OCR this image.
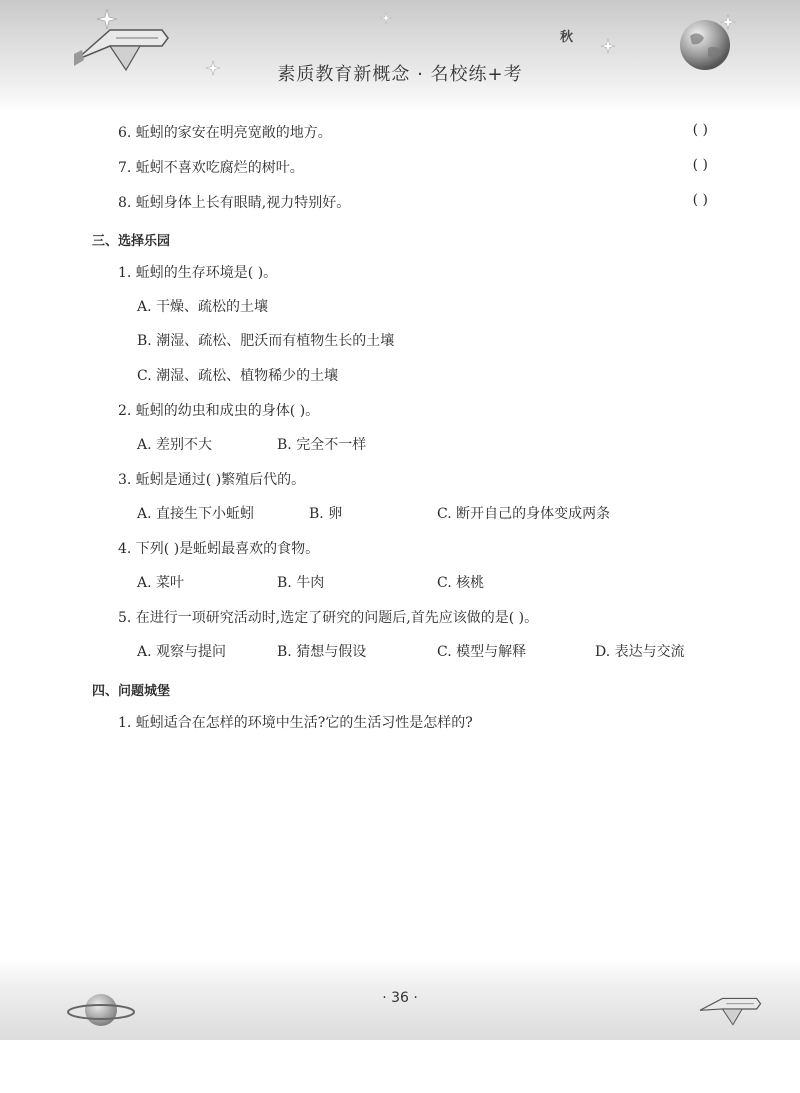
秋
素质教育新概念 · 名校练+考
6. 蚯蚓的家安在明亮宽敞的地方。	( )
7. 蚯蚓不喜欢吃腐烂的树叶。	( )
8. 蚯蚓身体上长有眼睛,视力特别好。	( )
三、选择乐园
1. 蚯蚓的生存环境是( )。
A. 干燥、疏松的土壤
B. 潮湿、疏松、肥沃而有植物生长的土壤
C. 潮湿、疏松、植物稀少的土壤
2. 蚯蚓的幼虫和成虫的身体( )。
A. 差别不大	B. 完全不一样
3. 蚯蚓是通过( )繁殖后代的。
A. 直接生下小蚯蚓	B. 卵	C. 断开自己的身体变成两条
4. 下列( )是蚯蚓最喜欢的食物。
A. 菜叶	B. 牛肉	C. 核桃
5. 在进行一项研究活动时,选定了研究的问题后,首先应该做的是( )。
A. 观察与提问	B. 猜想与假设	C. 模型与解释	D. 表达与交流
四、问题城堡
1. 蚯蚓适合在怎样的环境中生活?它的生活习性是怎样的?
· 36 ·
